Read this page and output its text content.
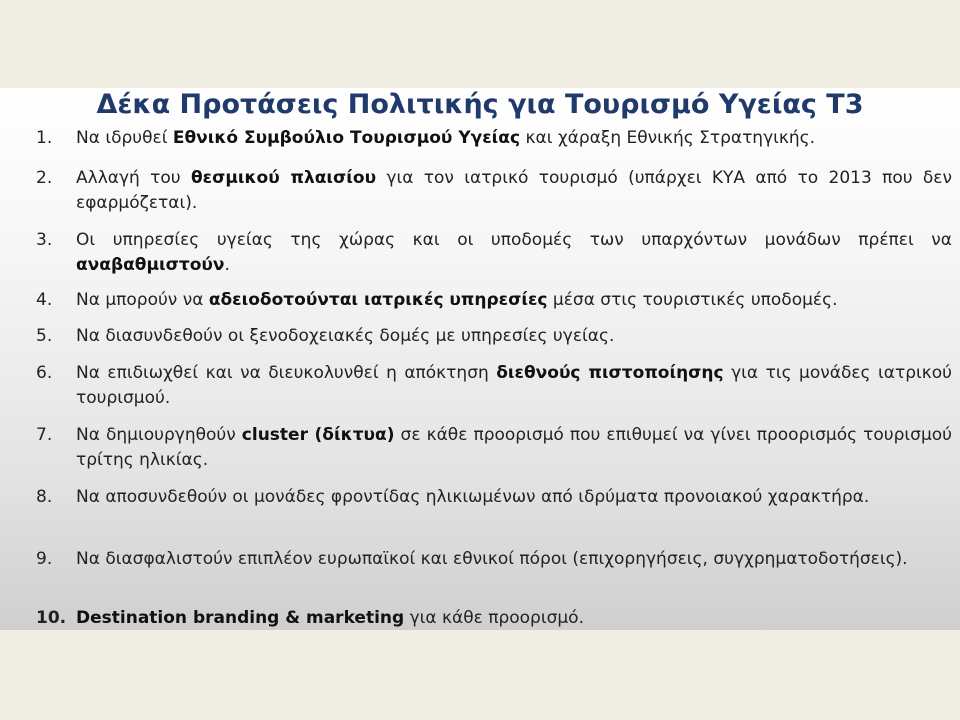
Δέκα Προτάσεις Πολιτικής για Τουρισμό Υγείας Τ3
1. Να ιδρυθεί Εθνικό Συμβούλιο Τουρισμού Υγείας και χάραξη Εθνικής Στρατηγικής.
2. Αλλαγή του θεσμικού πλαισίου για τον ιατρικό τουρισμό (υπάρχει ΚΥΑ από το 2013 που δεν εφαρμόζεται).
3. Οι υπηρεσίες υγείας της χώρας και οι υποδομές των υπαρχόντων μονάδων πρέπει να αναβαθμιστούν.
4. Να μπορούν να αδειοδοτούνται ιατρικές υπηρεσίες μέσα στις τουριστικές υποδομές.
5. Να διασυνδεθούν οι ξενοδοχειακές δομές με υπηρεσίες υγείας.
6. Να επιδιωχθεί και να διευκολυνθεί η απόκτηση διεθνούς πιστοποίησης για τις μονάδες ιατρικού τουρισμού.
7. Να δημιουργηθούν cluster (δίκτυα) σε κάθε προορισμό που επιθυμεί να γίνει προορισμός τουρισμού τρίτης ηλικίας.
8. Να αποσυνδεθούν οι μονάδες φροντίδας ηλικιωμένων από ιδρύματα προνοιακού χαρακτήρα.
9. Να διασφαλιστούν επιπλέον ευρωπαϊκοί και εθνικοί πόροι (επιχορηγήσεις, συγχρηματοδοτήσεις).
10. Destination branding & marketing για κάθε προορισμό.
